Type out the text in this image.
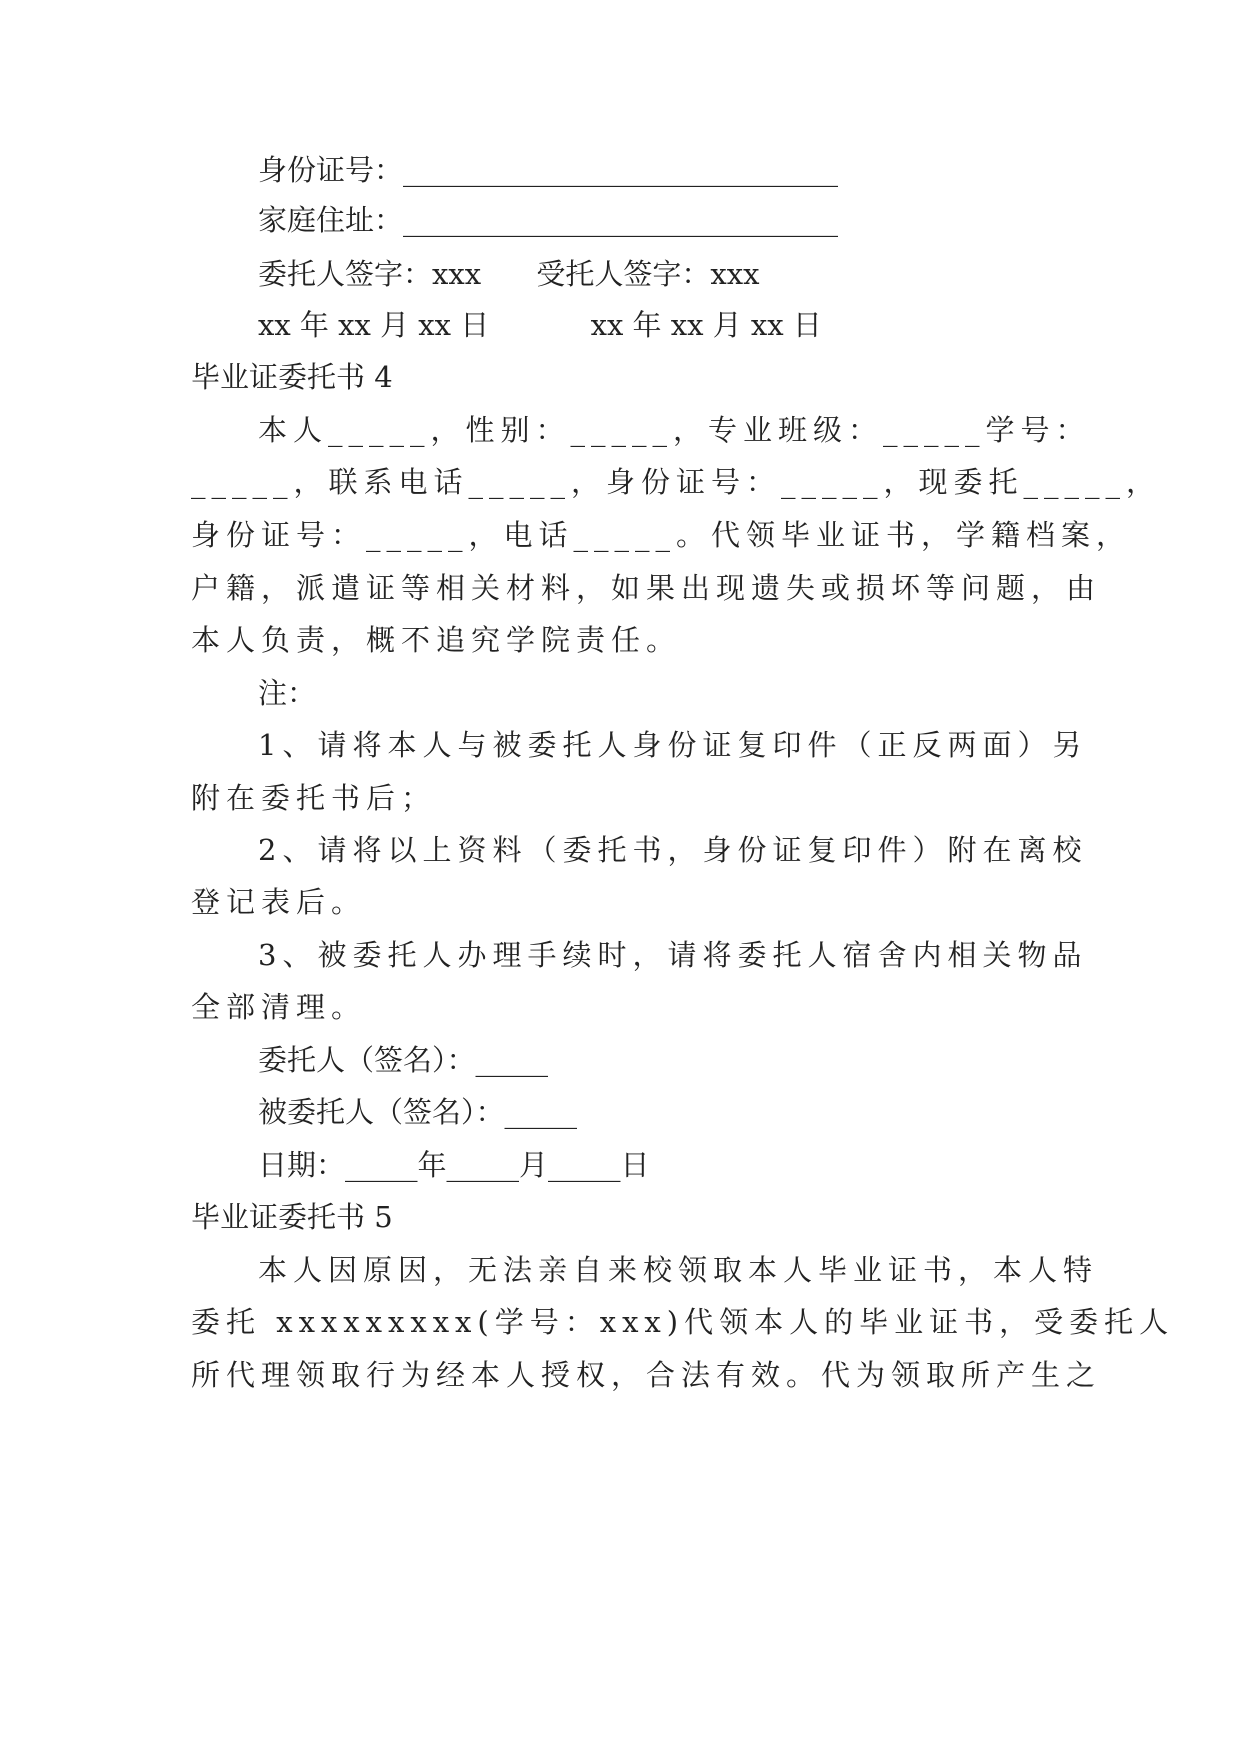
身份证号：______________________________
家庭住址：______________________________
委托人签字：xxx      受托人签字：xxx
xx 年 xx 月 xx 日           xx 年 xx 月 xx 日
毕业证委托书 4
本人_____，性别：_____，专业班级：_____学号：
_____，联系电话_____，身份证号：_____，现委托_____，
身份证号：_____，电话_____。代领毕业证书，学籍档案，
户籍，派遣证等相关材料，如果出现遗失或损坏等问题，由
本人负责，概不追究学院责任。
注：
1、请将本人与被委托人身份证复印件（正反两面）另
附在委托书后；
2、请将以上资料（委托书，身份证复印件）附在离校
登记表后。
3、被委托人办理手续时，请将委托人宿舍内相关物品
全部清理。
委托人（签名）：_____
被委托人（签名）：_____
日期：_____年_____月_____日
毕业证委托书 5
本人因原因，无法亲自来校领取本人毕业证书，本人特
委托 xxxxxxxxx(学号：xxx)代领本人的毕业证书，受委托人
所代理领取行为经本人授权，合法有效。代为领取所产生之
